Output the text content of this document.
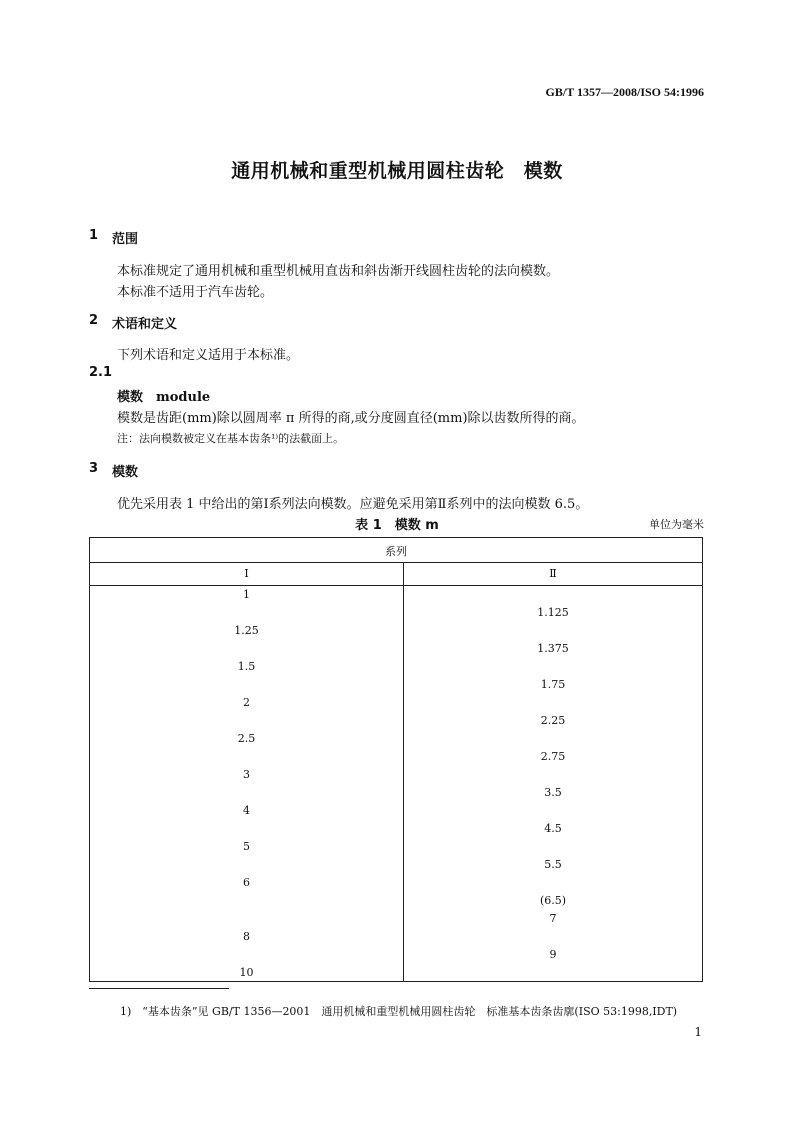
GB/T 1357—2008/ISO 54:1996
通用机械和重型机械用圆柱齿轮　模数
1 范围
本标准规定了通用机械和重型机械用直齿和斜齿渐开线圆柱齿轮的法向模数。
本标准不适用于汽车齿轮。
2 术语和定义
下列术语和定义适用于本标准。
2.1
模数　module
模数是齿距(mm)除以圆周率 π 所得的商,或分度圆直径(mm)除以齿数所得的商。
注：法向模数被定义在基本齿条¹⁾的法截面上。
3 模数
优先采用表 1 中给出的第Ⅰ系列法向模数。应避免采用第Ⅱ系列中的法向模数 6.5。
表 1　模数 m	单位为毫米
系列
Ⅰ	Ⅱ
1
1.25
1.5
2
2.5
3
4
5
6
8
10
1.125
1.375
1.75
2.25
2.75
3.5
4.5
5.5
(6.5)
7
9
1)　“基本齿条”见 GB/T 1356—2001　通用机械和重型机械用圆柱齿轮　标准基本齿条齿廓(ISO 53:1998,IDT)
1
